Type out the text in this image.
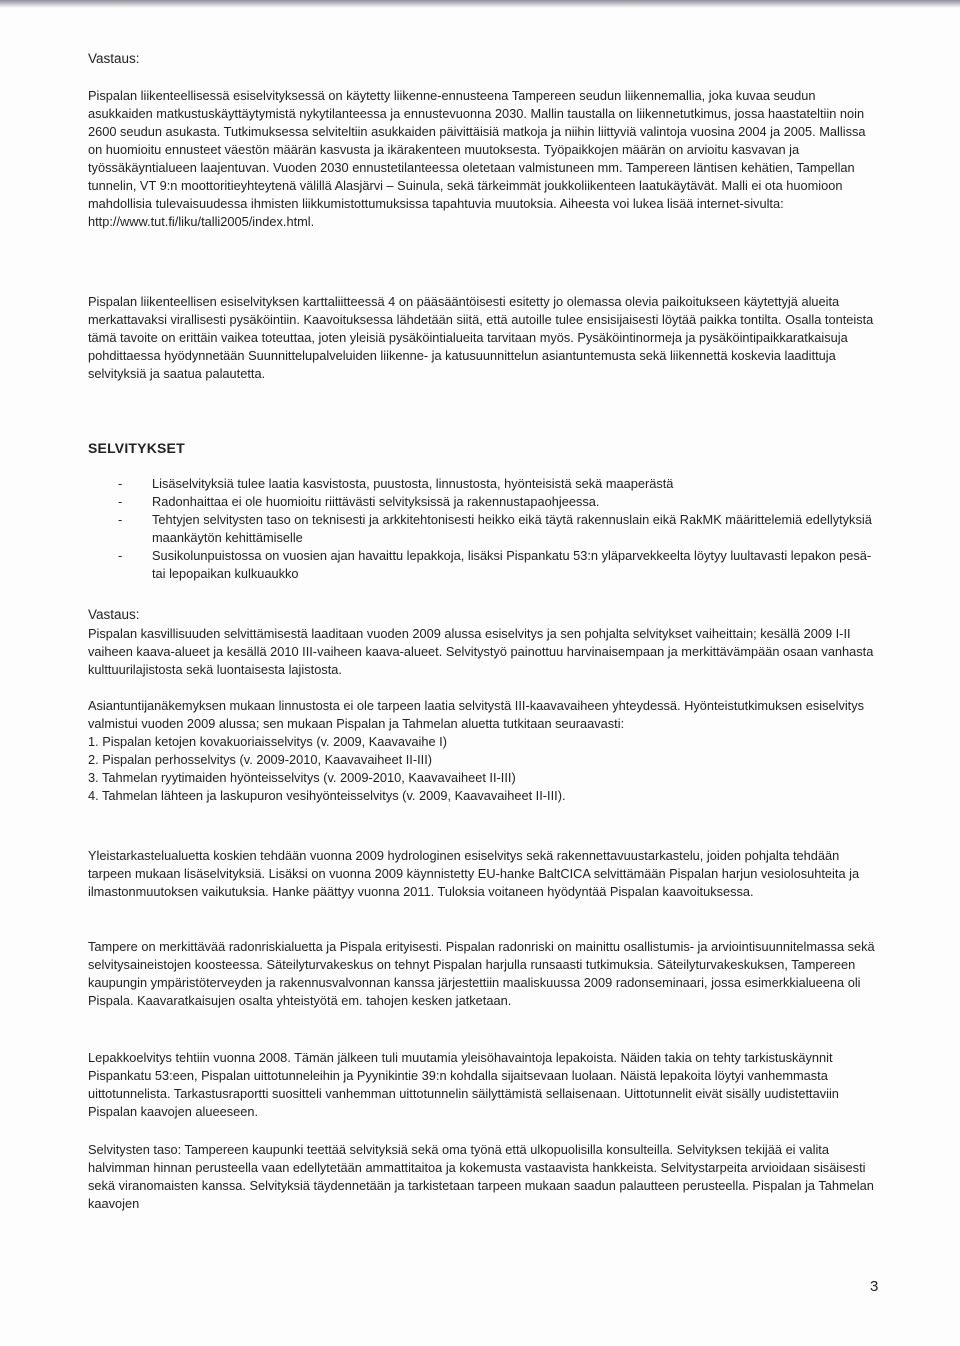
Vastaus:

Pispalan liikenteellisessä esiselvityksessä on käytetty liikenne-ennusteena Tampereen seudun liikennemallia, joka kuvaa seudun asukkaiden matkustuskäyttäytymistä nykytilanteessa ja ennustevuonna 2030. Mallin taustalla on liikennetutkimus, jossa haastateltiin noin 2600 seudun asukasta. Tutkimuksessa selviteltiin asukkaiden päivittäisiä matkoja ja niihin liittyviä valintoja vuosina 2004 ja 2005. Mallissa on huomioitu ennusteet väestön määrän kasvusta ja ikärakenteen muutoksesta. Työpaikkojen määrän on arvioitu kasvavan ja työssäkäyntialueen laajentuvan. Vuoden 2030 ennustetilanteessa oletetaan valmistuneen mm. Tampereen läntisen kehätien, Tampellan tunnelin, VT 9:n moottoritieyhteytenä välillä Alasjärvi – Suinula, sekä tärkeimmät joukkoliikenteen laatukäytävät. Malli ei ota huomioon mahdollisia tulevaisuudessa ihmisten liikkumistottumuksissa tapahtuvia muutoksia. Aiheesta voi lukea lisää internet-sivulta: http://www.tut.fi/liku/talli2005/index.html.

Pispalan liikenteellisen esiselvityksen karttaliitteessä 4 on pääsääntöisesti esitetty jo olemassa olevia paikoitukseen käytettyjä alueita merkattavaksi virallisesti pysäköintiin. Kaavoituksessa lähdetään siitä, että autoille tulee ensisijaisesti löytää paikka tontilta. Osalla tonteista tämä tavoite on erittäin vaikea toteuttaa, joten yleisiä pysäköintialueita tarvitaan myös. Pysäköintinormeja ja pysäköintipaikkaratkaisuja pohdittaessa hyödynnetään Suunnittelupalveluiden liikenne- ja katusuunnittelun asiantuntemusta sekä liikennettä koskevia laadittuja selvityksiä ja saatua palautetta.

SELVITYKSET
- Lisäselvityksiä tulee laatia kasvistosta, puustosta, linnustosta, hyönteisistä sekä maaperästä
- Radonhaittaa ei ole huomioitu riittävästi selvityksissä ja rakennustapaohjeessa.
- Tehtyjen selvitysten taso on teknisesti ja arkkitehtonisesti heikko eikä täytä rakennuslain eikä RakMK määrittelemiä edellytyksiä maankäytön kehittämiselle
- Susikolunpuistossa on vuosien ajan havaittu lepakkoja, lisäksi Pispankatu 53:n yläparvekkeelta löytyy luultavasti lepakon pesä- tai lepopaikan kulkuaukko
Vastaus:

Pispalan kasvillisuuden selvittämisestä laaditaan vuoden 2009 alussa esiselvitys ja sen pohjalta selvitykset vaiheittain; kesällä 2009 I-II vaiheen kaava-alueet ja kesällä 2010 III-vaiheen kaava-alueet. Selvitystyö painottuu harvinaisempaan ja merkittävämpään osaan vanhasta kulttuurilajistosta sekä luontaisesta lajistosta.

Asiantuntijanäkemyksen mukaan linnustosta ei ole tarpeen laatia selvitystä III-kaavavaiheen yhteydessä. Hyönteistutkimuksen esiselvitys valmistui vuoden 2009 alussa; sen mukaan Pispalan ja Tahmelan aluetta tutkitaan seuraavasti:

1. Pispalan ketojen kovakuoriaisselvitys (v. 2009, Kaavavaihe I)
2. Pispalan perhosselvitys (v. 2009-2010, Kaavavaiheet II-III)
3. Tahmelan ryytimaiden hyönteisselvitys (v. 2009-2010, Kaavavaiheet II-III)
4. Tahmelan lähteen ja laskupuron vesihyönteisselvitys (v. 2009, Kaavavaiheet II-III).

Yleistarkastelualuetta koskien tehdään vuonna 2009 hydrologinen esiselvitys sekä rakennettavuustarkastelu, joiden pohjalta tehdään tarpeen mukaan lisäselvityksiä. Lisäksi on vuonna 2009 käynnistetty EU-hanke BaltCICA selvittämään Pispalan harjun vesiolosuhteita ja ilmastonmuutoksen vaikutuksia. Hanke päättyy vuonna 2011. Tuloksia voitaneen hyödyntää Pispalan kaavoituksessa.

Tampere on merkittävää radonriskialuetta ja Pispala erityisesti. Pispalan radonriski on mainittu osallistumis- ja arviointisuunnitelmassa sekä selvitysaineistojen koosteessa. Säteilyturvakeskus on tehnyt Pispalan harjulla runsaasti tutkimuksia. Säteilyturvakeskuksen, Tampereen kaupungin ympäristöterveyden ja rakennusvalvonnan kanssa järjestettiin maaliskuussa 2009 radonseminaari, jossa esimerkkialueena oli Pispala. Kaavaratkaisujen osalta yhteistyötä em. tahojen kesken jatketaan.

Lepakkoelvitys tehtiin vuonna 2008. Tämän jälkeen tuli muutamia yleisöhavaintoja lepakoista. Näiden takia on tehty tarkistuskäynnit Pispankatu 53:een, Pispalan uittotunneleihin ja Pyynikintie 39:n kohdalla sijaitsevaan luolaan. Näistä lepakoita löytyi vanhemmasta uittotunnelista. Tarkastusraportti suositteli vanhemman uittotunnelin säilyttämistä sellaisenaan. Uittotunnelit eivät sisälly uudistettaviin Pispalan kaavojen alueeseen.

Selvitysten taso: Tampereen kaupunki teettää selvityksiä sekä oma työnä että ulkopuolisilla konsulteilla. Selvityksen tekijää ei valita halvimman hinnan perusteella vaan edellytetään ammattitaitoa ja kokemusta vastaavista hankkeista. Selvitystarpeita arvioidaan sisäisesti sekä viranomaisten kanssa. Selvityksiä täydennetään ja tarkistetaan tarpeen mukaan saadun palautteen perusteella. Pispalan ja Tahmelan kaavojen

3
